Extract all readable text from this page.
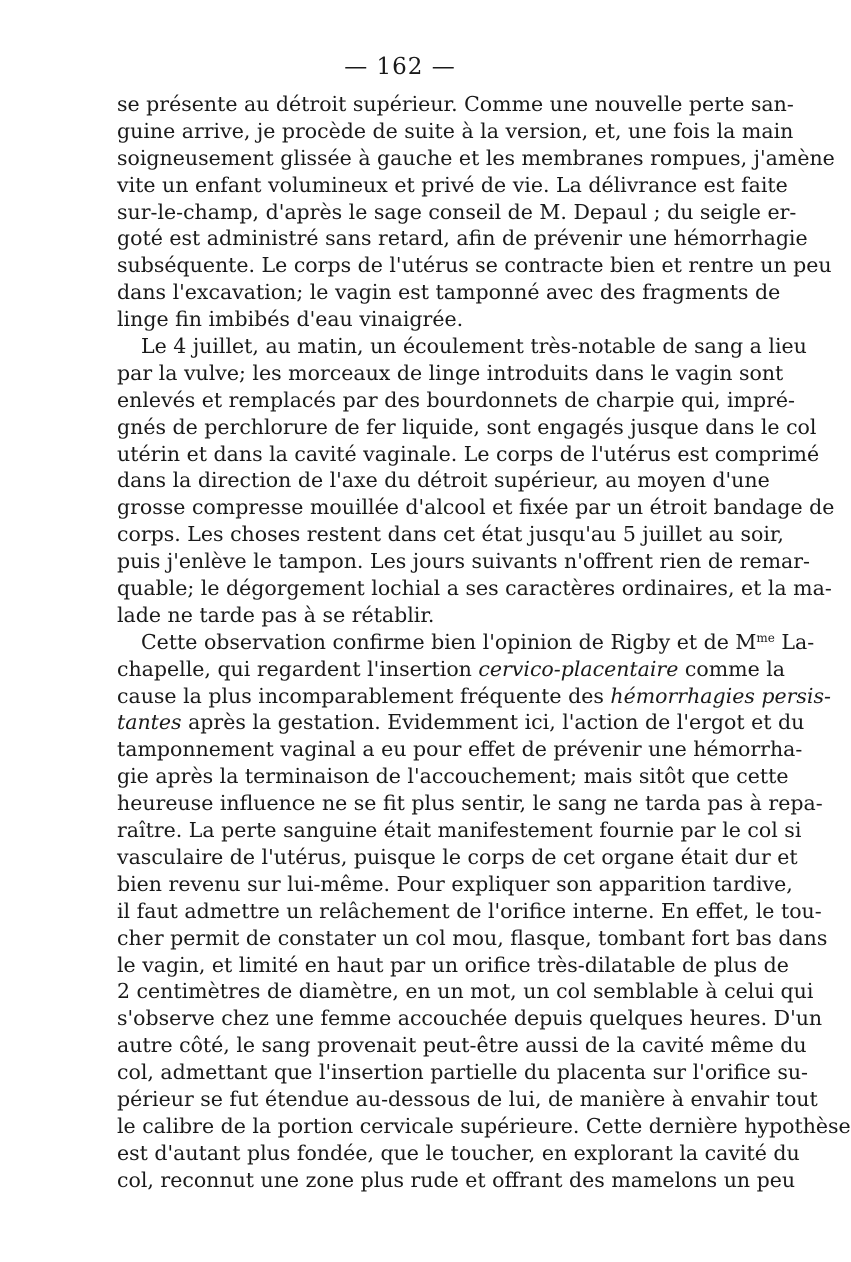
— 162 —
se présente au détroit supérieur. Comme une nouvelle perte san-
guine arrive, je procède de suite à la version, et, une fois la main
soigneusement glissée à gauche et les membranes rompues, j'amène
vite un enfant volumineux et privé de vie. La délivrance est faite
sur-le-champ, d'après le sage conseil de M. Depaul ; du seigle er-
goté est administré sans retard, afin de prévenir une hémorrhagie
subséquente. Le corps de l'utérus se contracte bien et rentre un peu
dans l'excavation; le vagin est tamponné avec des fragments de
linge fin imbibés d'eau vinaigrée.
Le 4 juillet, au matin, un écoulement très-notable de sang a lieu
par la vulve; les morceaux de linge introduits dans le vagin sont
enlevés et remplacés par des bourdonnets de charpie qui, impré-
gnés de perchlorure de fer liquide, sont engagés jusque dans le col
utérin et dans la cavité vaginale. Le corps de l'utérus est comprimé
dans la direction de l'axe du détroit supérieur, au moyen d'une
grosse compresse mouillée d'alcool et fixée par un étroit bandage de
corps. Les choses restent dans cet état jusqu'au 5 juillet au soir,
puis j'enlève le tampon. Les jours suivants n'offrent rien de remar-
quable; le dégorgement lochial a ses caractères ordinaires, et la ma-
lade ne tarde pas à se rétablir.
Cette observation confirme bien l'opinion de Rigby et de $M^{me}$ La-
chapelle, qui regardent l'insertion cervico-placentaire comme la
cause la plus incomparablement fréquente des hémorrhagies persis-
tantes après la gestation. Evidemment ici, l'action de l'ergot et du
tamponnement vaginal a eu pour effet de prévenir une hémorrha-
gie après la terminaison de l'accouchement; mais sitôt que cette
heureuse influence ne se fit plus sentir, le sang ne tarda pas à repa-
raître. La perte sanguine était manifestement fournie par le col si
vasculaire de l'utérus, puisque le corps de cet organe était dur et
bien revenu sur lui-même. Pour expliquer son apparition tardive,
il faut admettre un relâchement de l'orifice interne. En effet, le tou-
cher permit de constater un col mou, flasque, tombant fort bas dans
le vagin, et limité en haut par un orifice très-dilatable de plus de
2 centimètres de diamètre, en un mot, un col semblable à celui qui
s'observe chez une femme accouchée depuis quelques heures. D'un
autre côté, le sang provenait peut-être aussi de la cavité même du
col, admettant que l'insertion partielle du placenta sur l'orifice su-
périeur se fut étendue au-dessous de lui, de manière à envahir tout
le calibre de la portion cervicale supérieure. Cette dernière hypothèse
est d'autant plus fondée, que le toucher, en explorant la cavité du
col, reconnut une zone plus rude et offrant des mamelons un peu
